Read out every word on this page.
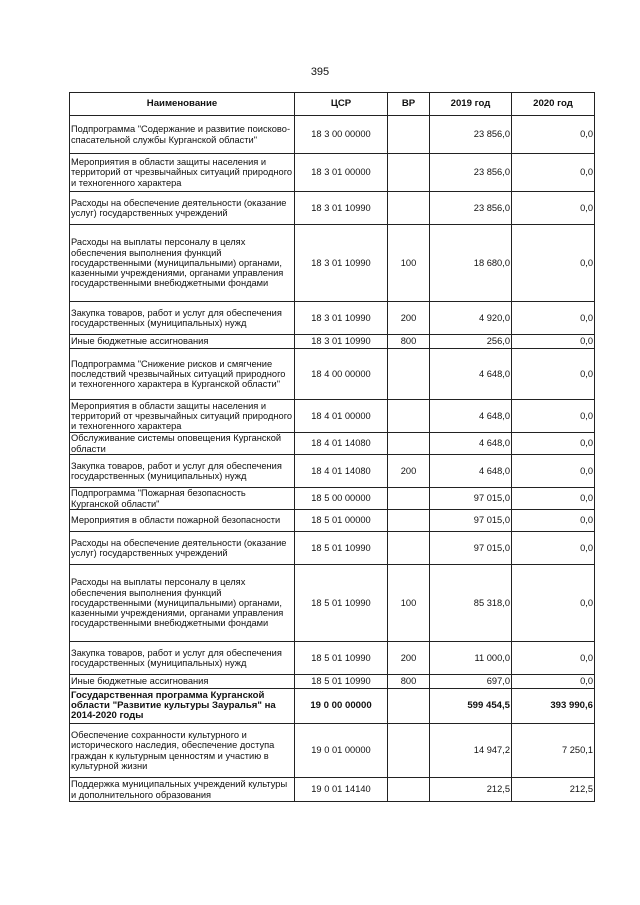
395
Наименование	ЦСР	ВР	2019 год	2020 год
Подпрограмма "Содержание и развитие поисково-спасательной службы Курганской области"	18 3 00 00000		23 856,0	0,0
Мероприятия в области защиты населения и территорий от чрезвычайных ситуаций природного и техногенного характера	18 3 01 00000		23 856,0	0,0
Расходы на обеспечение деятельности (оказание услуг) государственных учреждений	18 3 01 10990		23 856,0	0,0
Расходы на выплаты персоналу в целях обеспечения выполнения функций государственными (муниципальными) органами, казенными учреждениями, органами управления государственными внебюджетными фондами	18 3 01 10990	100	18 680,0	0,0
Закупка товаров, работ и услуг для обеспечения государственных (муниципальных) нужд	18 3 01 10990	200	4 920,0	0,0
Иные бюджетные ассигнования	18 3 01 10990	800	256,0	0,0
Подпрограмма "Снижение рисков и смягчение последствий чрезвычайных ситуаций природного и техногенного характера в Курганской области"	18 4 00 00000		4 648,0	0,0
Мероприятия в области защиты населения и территорий от чрезвычайных ситуаций природного и техногенного характера	18 4 01 00000		4 648,0	0,0
Обслуживание системы оповещения Курганской области	18 4 01 14080		4 648,0	0,0
Закупка товаров, работ и услуг для обеспечения государственных (муниципальных) нужд	18 4 01 14080	200	4 648,0	0,0
Подпрограмма "Пожарная безопасность Курганской области"	18 5 00 00000		97 015,0	0,0
Мероприятия в области пожарной безопасности	18 5 01 00000		97 015,0	0,0
Расходы на обеспечение деятельности (оказание услуг) государственных учреждений	18 5 01 10990		97 015,0	0,0
Расходы на выплаты персоналу в целях обеспечения выполнения функций государственными (муниципальными) органами, казенными учреждениями, органами управления государственными внебюджетными фондами	18 5 01 10990	100	85 318,0	0,0
Закупка товаров, работ и услуг для обеспечения государственных (муниципальных) нужд	18 5 01 10990	200	11 000,0	0,0
Иные бюджетные ассигнования	18 5 01 10990	800	697,0	0,0
Государственная программа Курганской области "Развитие культуры Зауралья" на 2014-2020 годы	19 0 00 00000		599 454,5	393 990,6
Обеспечение сохранности культурного и исторического наследия, обеспечение доступа граждан к культурным ценностям и участию в культурной жизни	19 0 01 00000		14 947,2	7 250,1
Поддержка муниципальных учреждений культуры и дополнительного образования	19 0 01 14140		212,5	212,5
